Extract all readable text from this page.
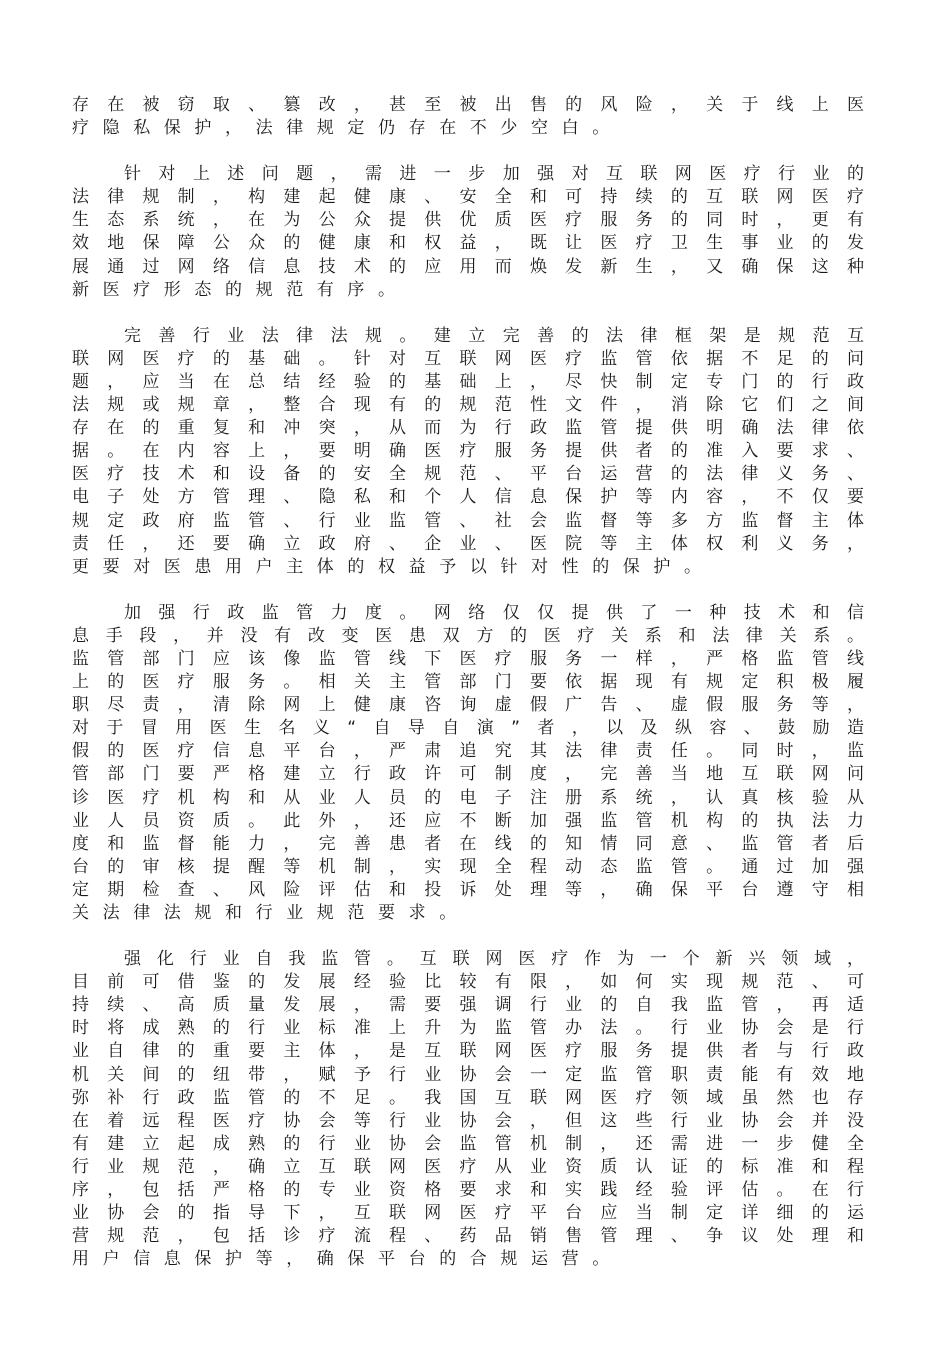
存在被窃取、篡改，甚至被出售的风险，关于线上医
疗隐私保护，法律规定仍存在不少空白。
针对上述问题，需进一步加强对互联网医疗行业的
法律规制，构建起健康、安全和可持续的互联网医疗
生态系统，在为公众提供优质医疗服务的同时，更有
效地保障公众的健康和权益，既让医疗卫生事业的发
展通过网络信息技术的应用而焕发新生，又确保这种
新医疗形态的规范有序。
完善行业法律法规。建立完善的法律框架是规范互
联网医疗的基础。针对互联网医疗监管依据不足的问
题，应当在总结经验的基础上，尽快制定专门的行政
法规或规章，整合现有的规范性文件，消除它们之间
存在的重复和冲突，从而为行政监管提供明确法律依
据。在内容上，要明确医疗服务提供者的准入要求、
医疗技术和设备的安全规范、平台运营的法律义务、
电子处方管理、隐私和个人信息保护等内容，不仅要
规定政府监管、行业监管、社会监督等多方监督主体
责任，还要确立政府、企业、医院等主体权利义务，
更要对医患用户主体的权益予以针对性的保护。
加强行政监管力度。网络仅仅提供了一种技术和信
息手段，并没有改变医患双方的医疗关系和法律关系。
监管部门应该像监管线下医疗服务一样，严格监管线
上的医疗服务。相关主管部门要依据现有规定积极履
职尽责，清除网上健康咨询虚假广告、虚假服务等，
对于冒用医生名义“自导自演”者，以及纵容、鼓励造
假的医疗信息平台，严肃追究其法律责任。同时，监
管部门要严格建立行政许可制度，完善当地互联网问
诊医疗机构和从业人员的电子注册系统，认真核验从
业人员资质。此外，还应不断加强监管机构的执法力
度和监督能力，完善患者在线的知情同意、监管者后
台的审核提醒等机制，实现全程动态监管。通过加强
定期检查、风险评估和投诉处理等，确保平台遵守相
关法律法规和行业规范要求。
强化行业自我监管。互联网医疗作为一个新兴领域，
目前可借鉴的发展经验比较有限，如何实现规范、可
持续、高质量发展，需要强调行业的自我监管，再适
时将成熟的行业标准上升为监管办法。行业协会是行
业自律的重要主体，是互联网医疗服务提供者与行政
机关间的纽带，赋予行业协会一定监管职责能有效地
弥补行政监管的不足。我国互联网医疗领域虽然也存
在着远程医疗协会等行业协会，但这些行业协会并没
有建立起成熟的行业协会监管机制，还需进一步健全
行业规范，确立互联网医疗从业资质认证的标准和程
序，包括严格的专业资格要求和实践经验评估。在行
业协会的指导下，互联网医疗平台应当制定详细的运
营规范，包括诊疗流程、药品销售管理、争议处理和
用户信息保护等，确保平台的合规运营。
